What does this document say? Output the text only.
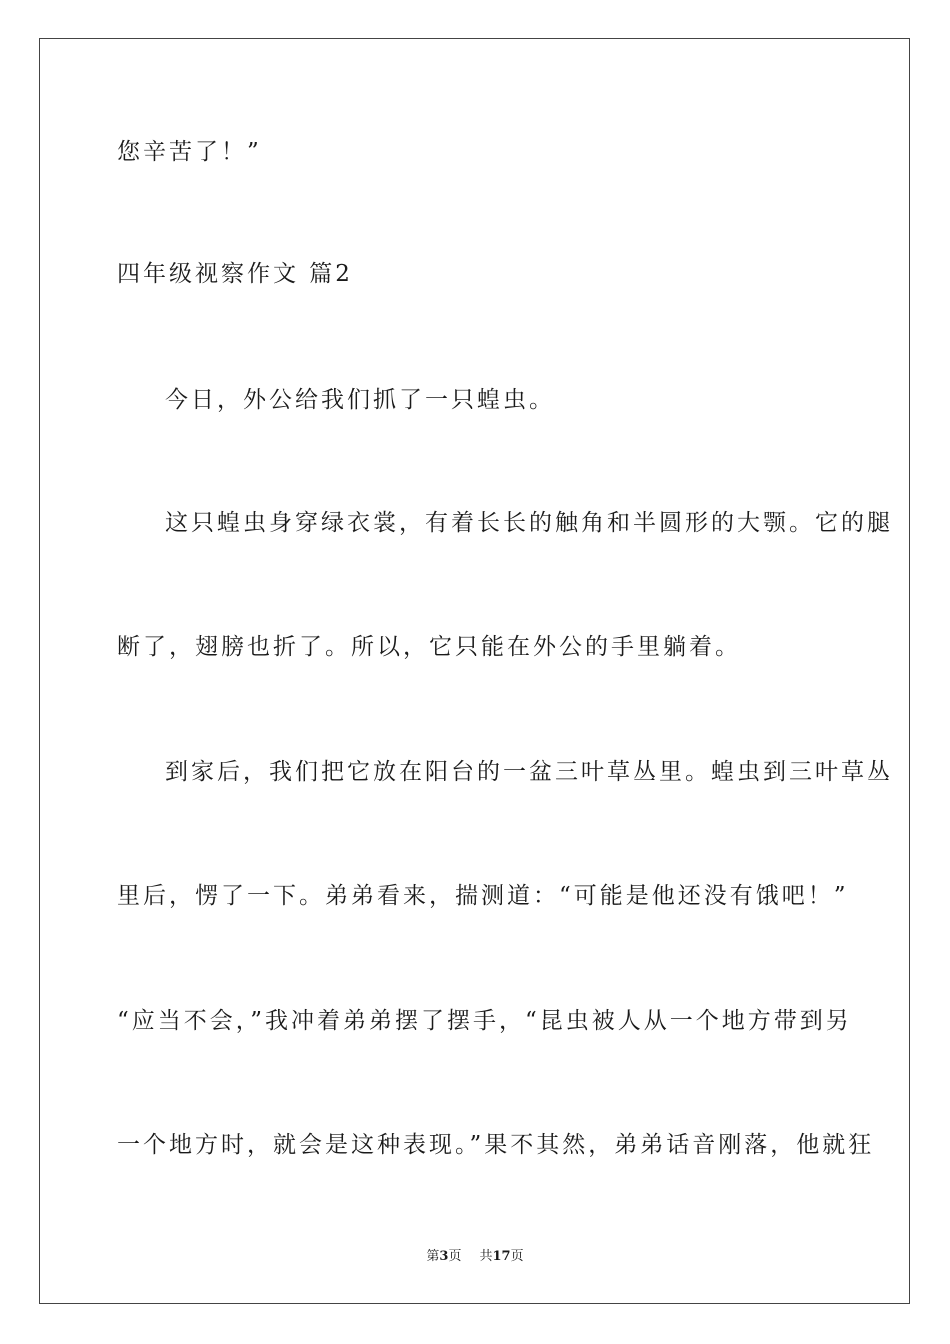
您辛苦了！”
四年级视察作文 篇2
今日，外公给我们抓了一只蝗虫。
这只蝗虫身穿绿衣裳，有着长长的触角和半圆形的大颚。它的腿
断了，翅膀也折了。所以，它只能在外公的手里躺着。
到家后，我们把它放在阳台的一盆三叶草丛里。蝗虫到三叶草丛
里后，愣了一下。弟弟看来，揣测道：“可能是他还没有饿吧！”
“应当不会，”我冲着弟弟摆了摆手，“昆虫被人从一个地方带到另
一个地方时，就会是这种表现。”果不其然，弟弟话音刚落，他就狂
第3页 共17页
